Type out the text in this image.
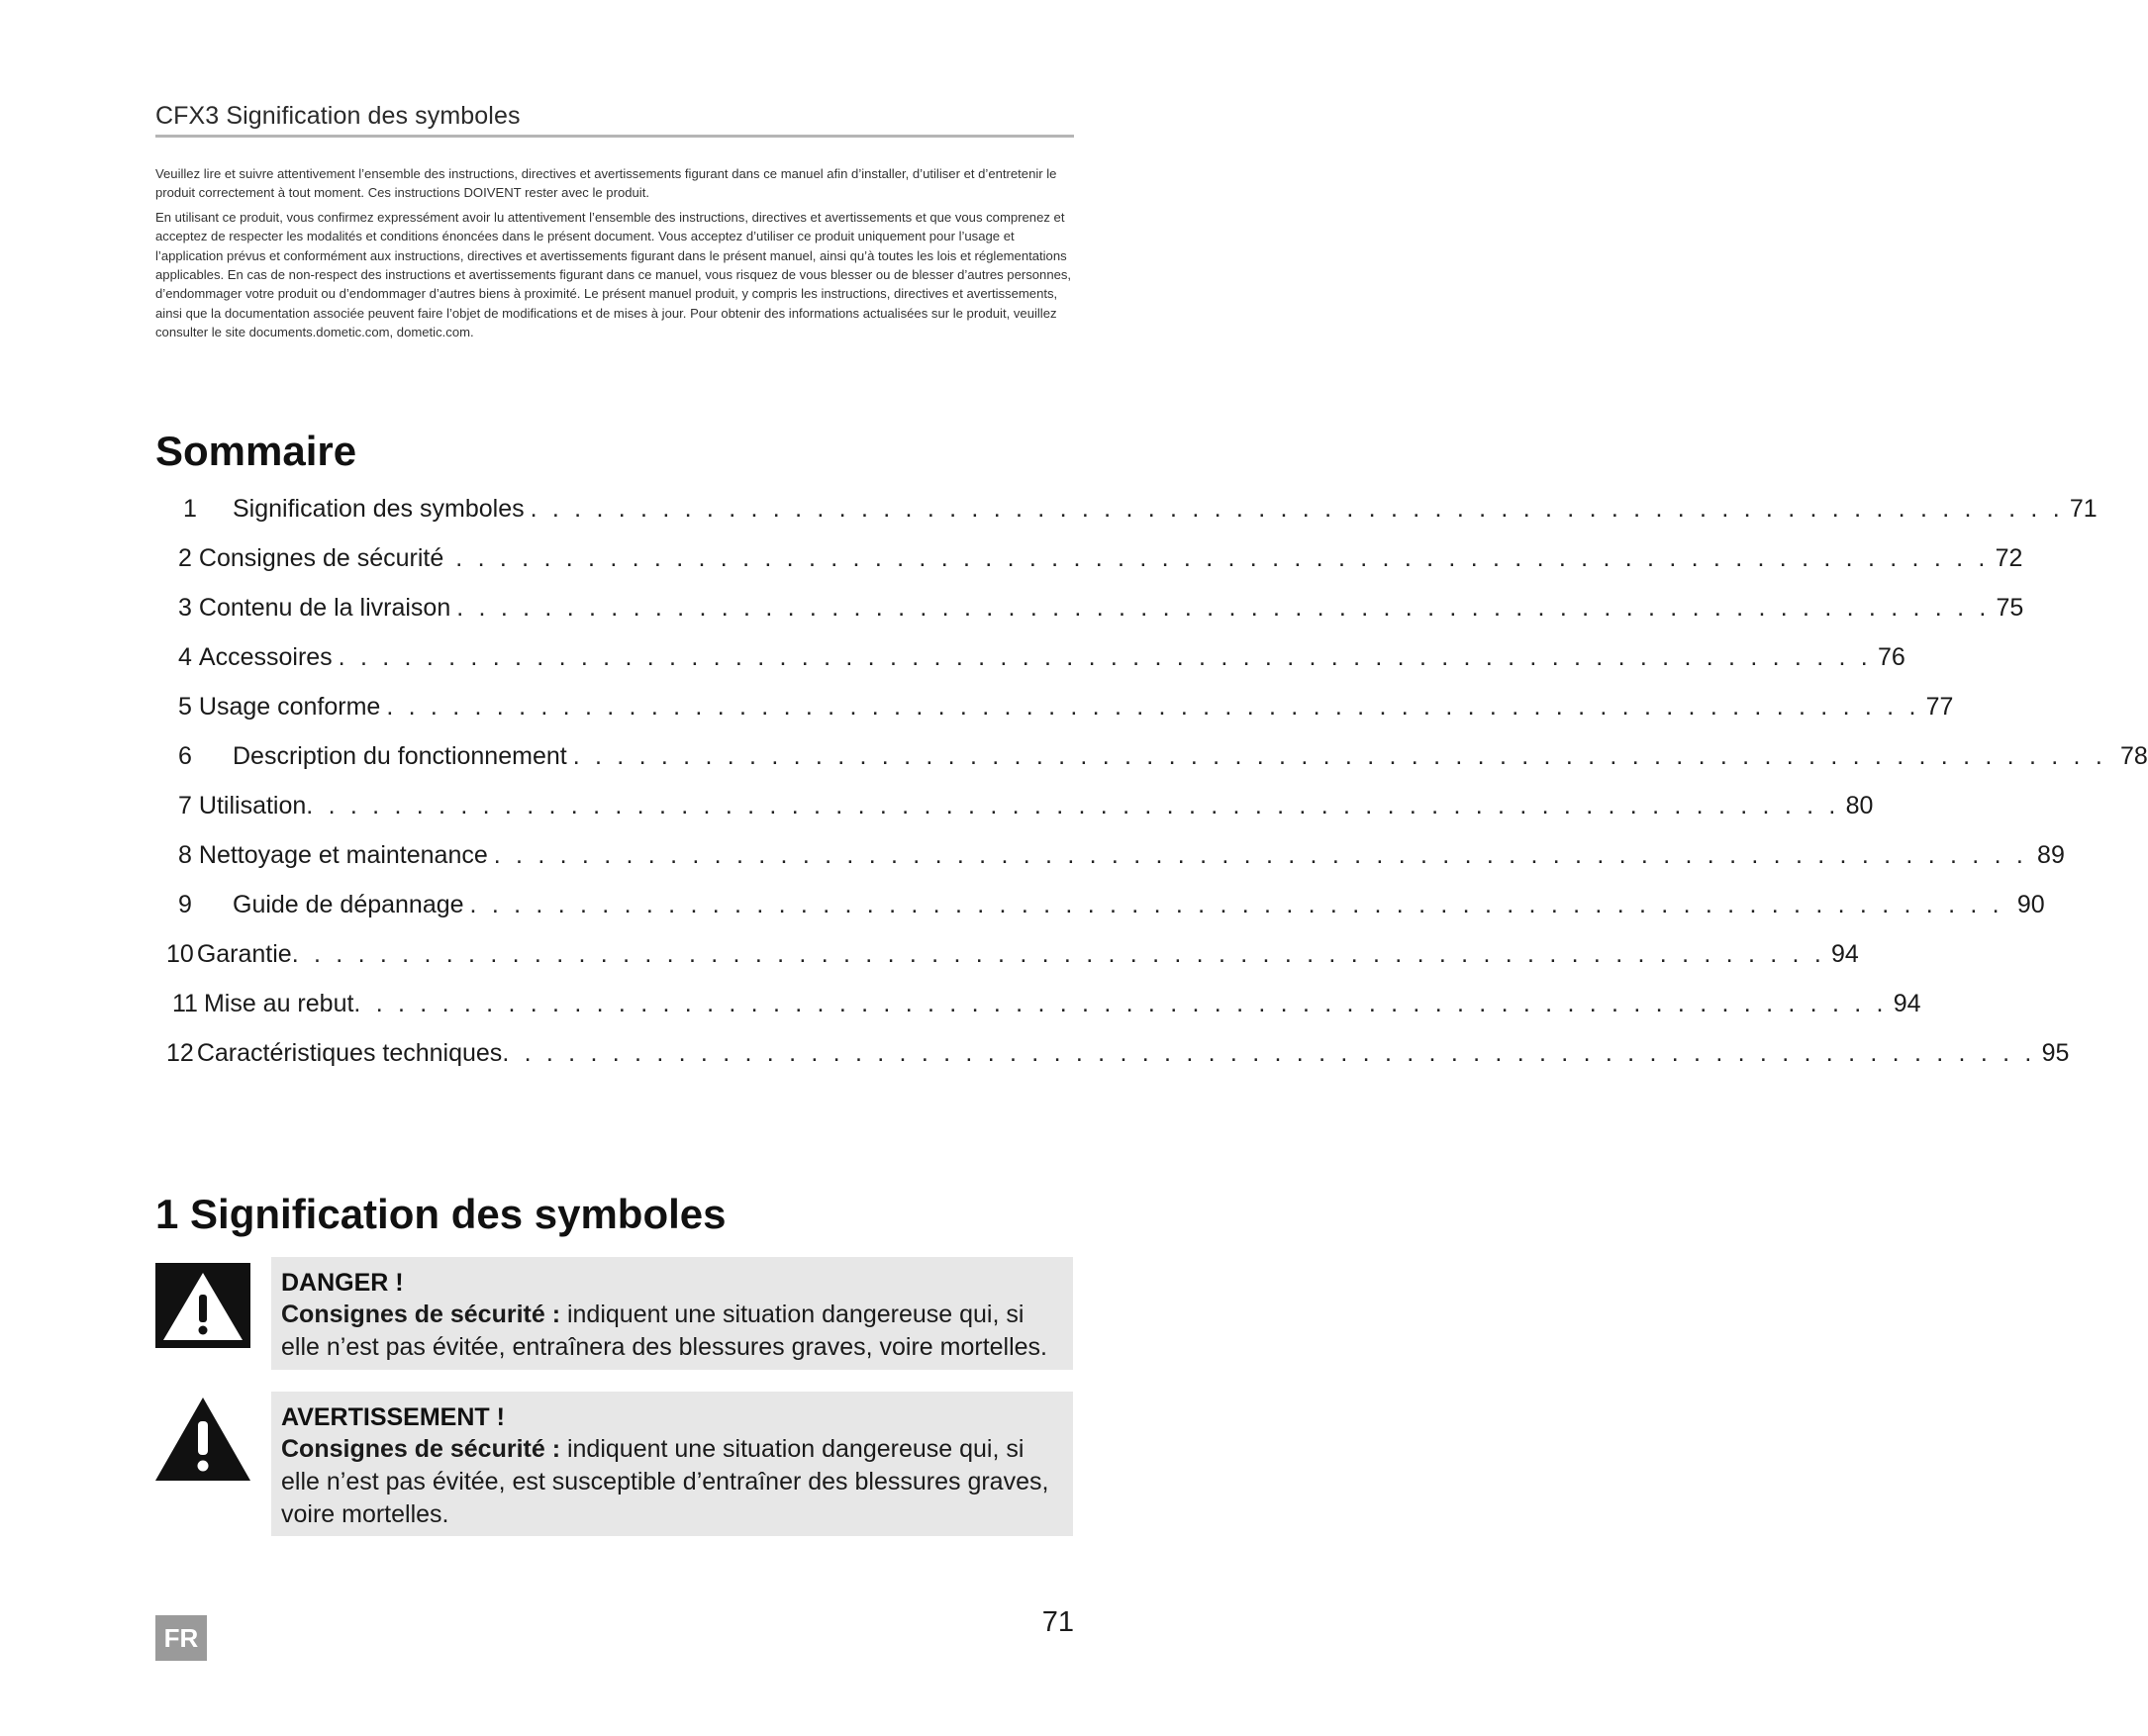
CFX3 Signification des symboles

Veuillez lire et suivre attentivement l’ensemble des instructions, directives et avertissements figurant dans ce manuel afin d’installer, d’utiliser et d’entretenir le produit correctement à tout moment. Ces instructions DOIVENT rester avec le produit.

En utilisant ce produit, vous confirmez expressément avoir lu attentivement l’ensemble des instructions, directives et avertissements et que vous comprenez et acceptez de respecter les modalités et conditions énoncées dans le présent document. Vous acceptez d’utiliser ce produit uniquement pour l’usage et l’application prévus et conformément aux instructions, directives et avertissements figurant dans le présent manuel, ainsi qu’à toutes les lois et réglementations applicables. En cas de non-respect des instructions et avertissements figurant dans ce manuel, vous risquez de vous blesser ou de blesser d’autres personnes, d’endommager votre produit ou d’endommager d’autres biens à proximité. Le présent manuel produit, y compris les instructions, directives et avertissements, ainsi que la documentation associée peuvent faire l’objet de modifications et de mises à jour. Pour obtenir des informations actualisées sur le produit, veuillez consulter le site documents.dometic.com, dometic.com.

Sommaire
1	Signification des symboles . . . . . . . . . . . . . . . . . . . . . . . . . . . . . . . . . . . . . . . . . . . . . . . . . . . . . . . . . . . . . . . . . . . . . . 71
2 Consignes de sécurité . . . . . . . . . . . . . . . . . . . . . . . . . . . . . . . . . . . . . . . . . . . . . . . . . . . . . . . . . . . . . . . . . . . . . . 72
3 Contenu de la livraison . . . . . . . . . . . . . . . . . . . . . . . . . . . . . . . . . . . . . . . . . . . . . . . . . . . . . . . . . . . . . . . . . . . . . . 75
4 Accessoires . . . . . . . . . . . . . . . . . . . . . . . . . . . . . . . . . . . . . . . . . . . . . . . . . . . . . . . . . . . . . . . . . . . . . . 76
5 Usage conforme . . . . . . . . . . . . . . . . . . . . . . . . . . . . . . . . . . . . . . . . . . . . . . . . . . . . . . . . . . . . . . . . . . . . . . 77
6	Description du fonctionnement . . . . . . . . . . . . . . . . . . . . . . . . . . . . . . . . . . . . . . . . . . . . . . . . . . . . . . . . . . . . . . . . . . . . . . 78
7 Utilisation . . . . . . . . . . . . . . . . . . . . . . . . . . . . . . . . . . . . . . . . . . . . . . . . . . . . . . . . . . . . . . . . . . . . . . 80
8 Nettoyage et maintenance . . . . . . . . . . . . . . . . . . . . . . . . . . . . . . . . . . . . . . . . . . . . . . . . . . . . . . . . . . . . . . . . . . . . . . 89
9	Guide de dépannage . . . . . . . . . . . . . . . . . . . . . . . . . . . . . . . . . . . . . . . . . . . . . . . . . . . . . . . . . . . . . . . . . . . . . . 90
10 Garantie . . . . . . . . . . . . . . . . . . . . . . . . . . . . . . . . . . . . . . . . . . . . . . . . . . . . . . . . . . . . . . . . . . . . . . 94
11 Mise au rebut . . . . . . . . . . . . . . . . . . . . . . . . . . . . . . . . . . . . . . . . . . . . . . . . . . . . . . . . . . . . . . . . . . . . . . 94
12 Caractéristiques techniques . . . . . . . . . . . . . . . . . . . . . . . . . . . . . . . . . . . . . . . . . . . . . . . . . . . . . . . . . . . . . . . . . . . . . . 95
1 Signification des symboles
DANGER !
Consignes de sécurité : indiquent une situation dangereuse qui, si elle n’est pas évitée, entraînera des blessures graves, voire mortelles.
AVERTISSEMENT !
Consignes de sécurité : indiquent une situation dangereuse qui, si elle n’est pas évitée, est susceptible d’entraîner des blessures graves, voire mortelles.
FR	71
